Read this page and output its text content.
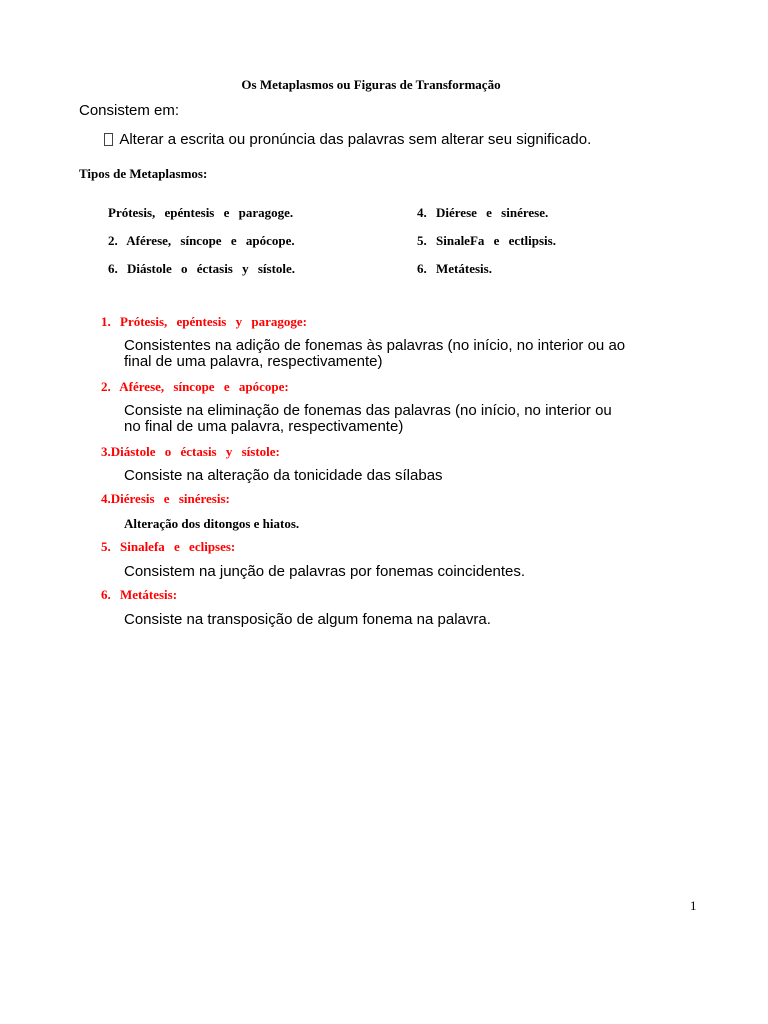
Os Metaplasmos ou Figuras de Transformação
Consistem em:
Alterar a escrita ou pronúncia das palavras sem alterar seu significado.
Tipos de Metaplasmos:
Prótesis, epéntesis e paragoge.
2. Aférese, síncope e apócope.
6. Diástole o éctasis y sístole.
4. Diérese e sinérese.
5. SinaleFa e ectlipsis.
6. Metátesis.
1. Prótesis, epéntesis y paragoge:
Consistentes na adição de fonemas às palavras (no início, no interior ou ao
final de uma palavra, respectivamente)
2. Aférese, síncope e apócope:
Consiste na eliminação de fonemas das palavras (no início, no interior ou
no final de uma palavra, respectivamente)
3.Diástole o éctasis y sístole:
Consiste na alteração da tonicidade das sílabas
4.Diéresis e sinéresis:
Alteração dos ditongos e hiatos.
5. Sinalefa e eclipses:
Consistem na junção de palavras por fonemas coincidentes.
6. Metátesis:
Consiste na transposição de algum fonema na palavra.
1
